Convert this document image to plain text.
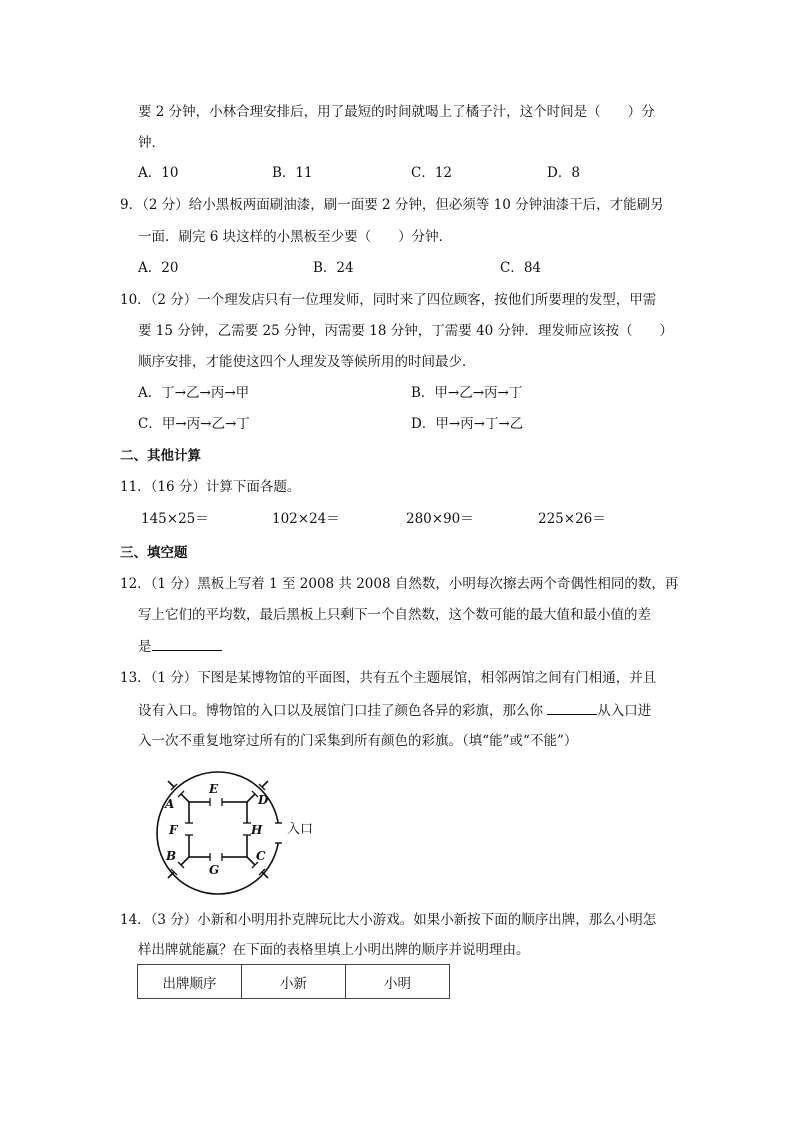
要 2 分钟，小林合理安排后，用了最短的时间就喝上了橘子汁，这个时间是（　　）分
钟．
A．10	B．11	C．12	D．8
9．（2 分）给小黑板两面刷油漆，刷一面要 2 分钟，但必须等 10 分钟油漆干后，才能刷另
一面．刷完 6 块这样的小黑板至少要（　　）分钟．
A．20	B．24	C．84
10．（2 分）一个理发店只有一位理发师，同时来了四位顾客，按他们所要理的发型，甲需
要 15 分钟，乙需要 25 分钟，丙需要 18 分钟，丁需要 40 分钟．理发师应该按（　　）
顺序安排，才能使这四个人理发及等候所用的时间最少．
A．丁→乙→丙→甲	B．甲→乙→丙→丁
C．甲→丙→乙→丁	D．甲→丙→丁→乙
二、其他计算
11．（16 分）计算下面各题。
145×25＝	102×24＝	280×90＝	225×26＝
三、填空题
12．（1 分）黑板上写着 1 至 2008 共 2008 自然数，小明每次擦去两个奇偶性相同的数，再
写上它们的平均数，最后黑板上只剩下一个自然数，这个数可能的最大值和最小值的差
是
13．（1 分）下图是某博物馆的平面图，共有五个主题展馆，相邻两馆之间有门相通，并且
设有入口。博物馆的入口以及展馆门口挂了颜色各异的彩旗，那么你	从入口进
入一次不重复地穿过所有的门采集到所有颜色的彩旗。（填“能”或“不能”）
A
B	C
D
E
F
G
H 入口
14．（3 分）小新和小明用扑克牌玩比大小游戏。如果小新按下面的顺序出牌，那么小明怎
样出牌就能赢？在下面的表格里填上小明出牌的顺序并说明理由。
出牌顺序	小新	小明
